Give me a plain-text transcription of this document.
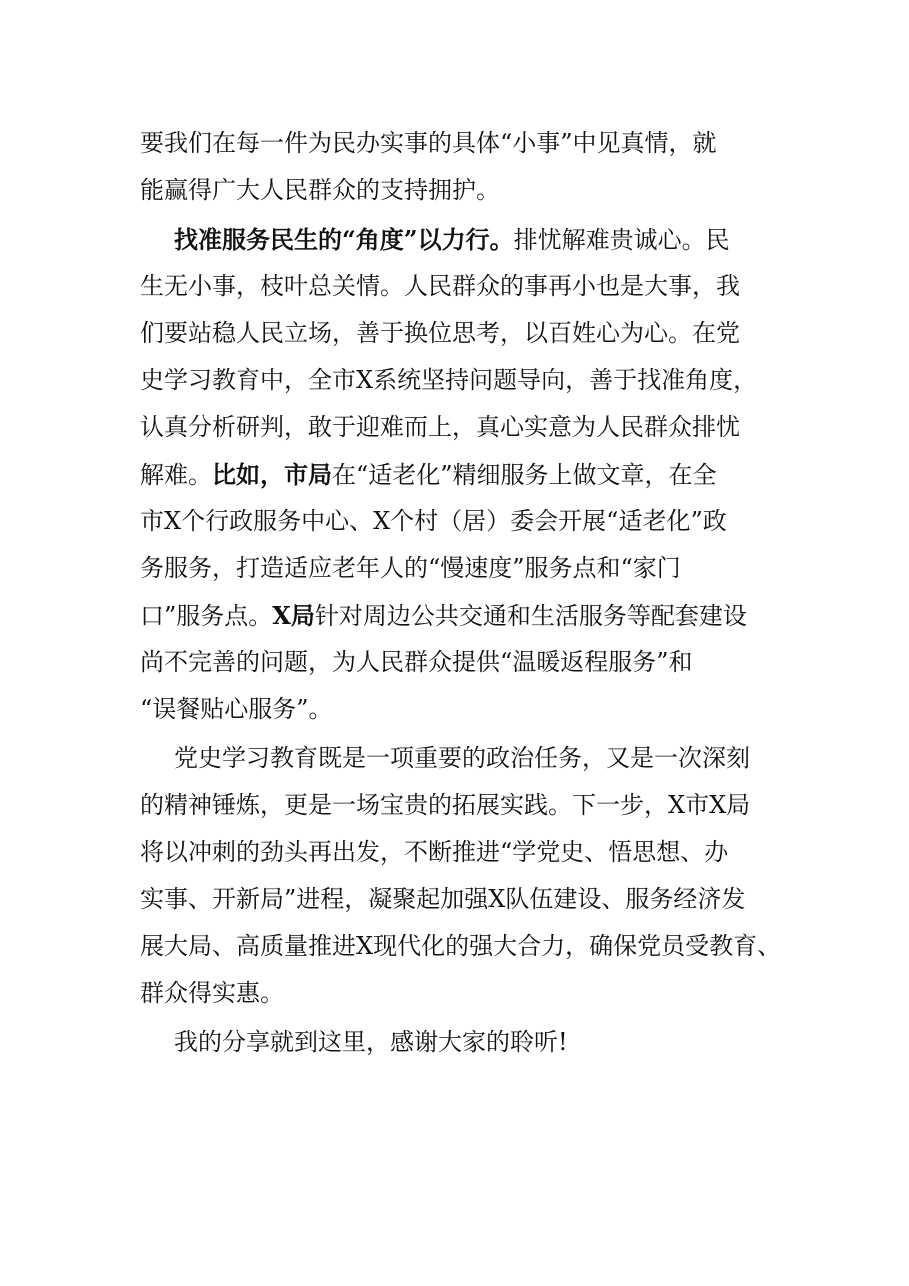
要我们在每一件为民办实事的具体“小事”中见真情，就
能赢得广大人民群众的支持拥护。
找准服务民生的“角度”以力行。排忧解难贵诚心。民
生无小事，枝叶总关情。人民群众的事再小也是大事，我
们要站稳人民立场，善于换位思考，以百姓心为心。在党
史学习教育中，全市X系统坚持问题导向，善于找准角度，
认真分析研判，敢于迎难而上，真心实意为人民群众排忧
解难。比如，市局在“适老化”精细服务上做文章，在全
市X个行政服务中心、X个村（居）委会开展“适老化”政
务服务，打造适应老年人的“慢速度”服务点和“家门
口”服务点。X局针对周边公共交通和生活服务等配套建设
尚不完善的问题，为人民群众提供“温暖返程服务”和
“误餐贴心服务”。
党史学习教育既是一项重要的政治任务，又是一次深刻
的精神锤炼，更是一场宝贵的拓展实践。下一步，X市X局
将以冲刺的劲头再出发，不断推进“学党史、悟思想、办
实事、开新局”进程，凝聚起加强X队伍建设、服务经济发
展大局、高质量推进X现代化的强大合力，确保党员受教育、
群众得实惠。
我的分享就到这里，感谢大家的聆听!
